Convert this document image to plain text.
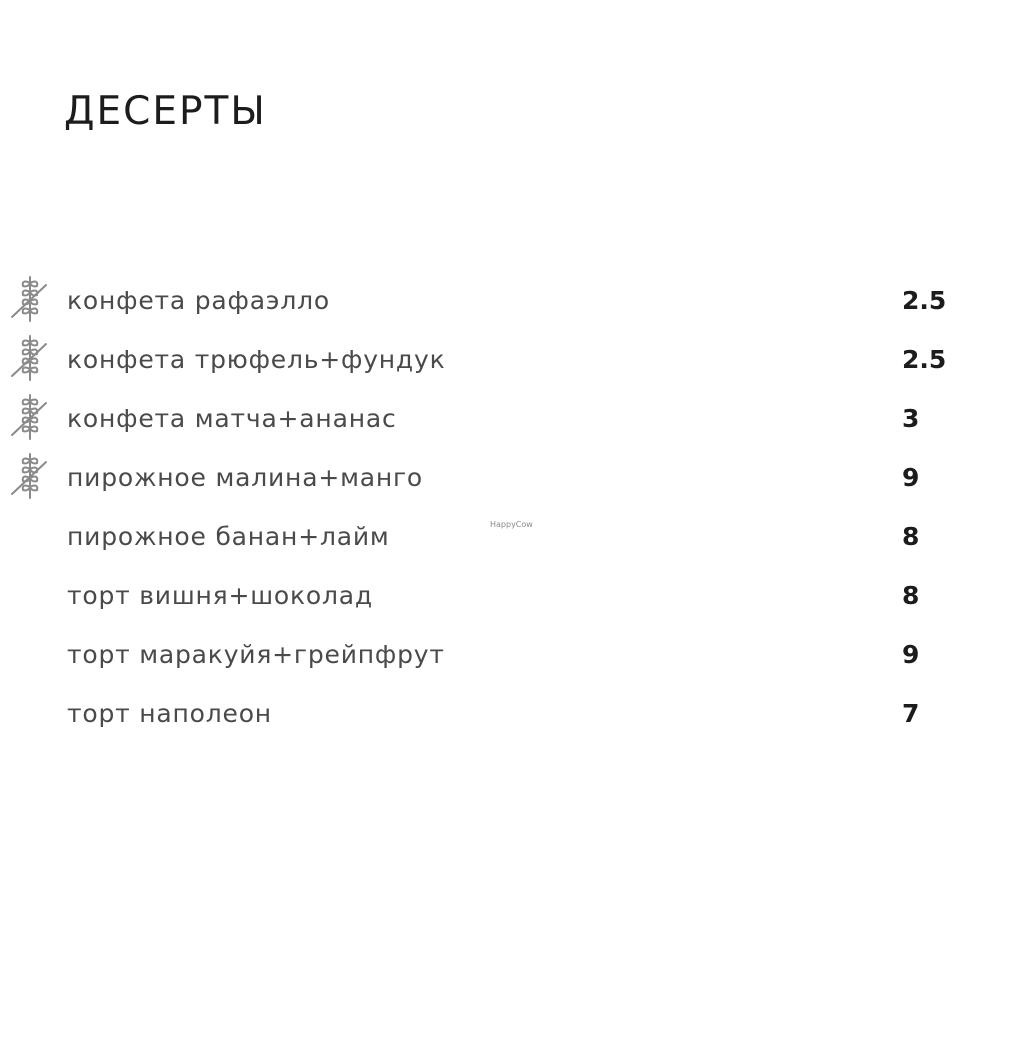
ДЕСЕРТЫ
конфета рафаэлло	2.5
конфета трюфель+фундук	2.5
конфета матча+ананас	3
пирожное малина+манго	9
пирожное банан+лайм	8
торт вишня+шоколад	8
торт маракуйя+грейпфрут	9
торт наполеон	7
HappyCow
